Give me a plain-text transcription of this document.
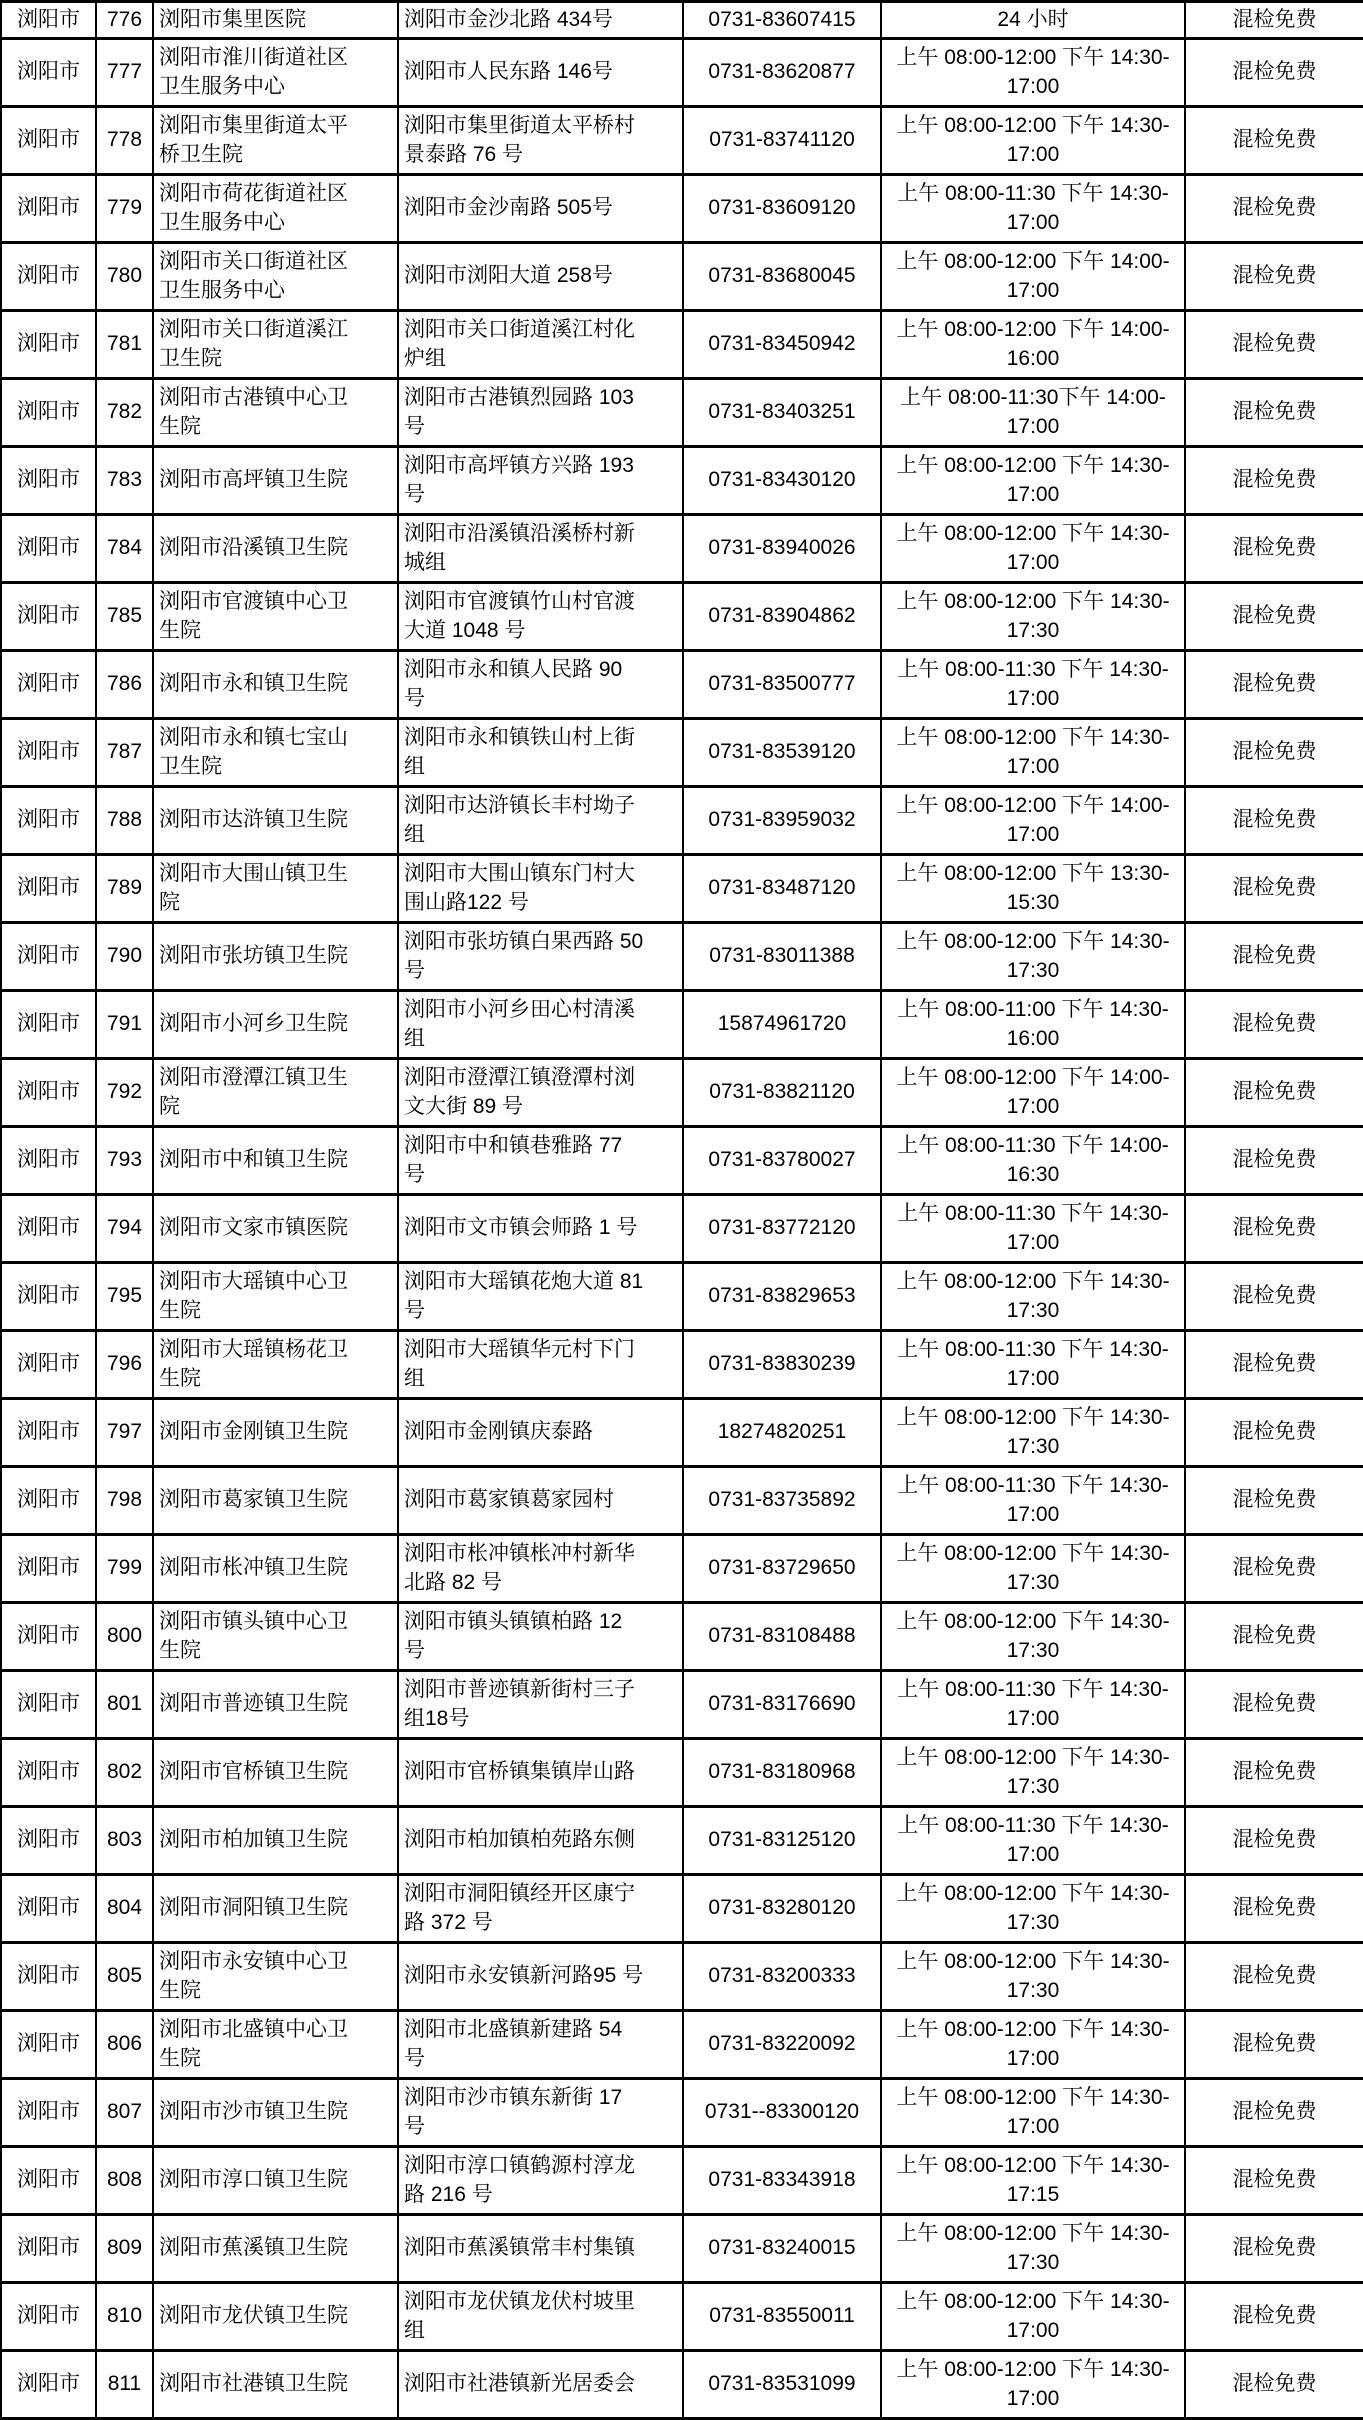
浏阳市	776	浏阳市集里医院	浏阳市金沙北路 434号	0731-83607415	24 小时	混检免费
浏阳市	777	浏阳市淮川街道社区卫生服务中心	浏阳市人民东路 146号	0731-83620877	上午 08:00-12:00 下午 14:30-17:00	混检免费
浏阳市	778	浏阳市集里街道太平桥卫生院	浏阳市集里街道太平桥村景泰路 76 号	0731-83741120	上午 08:00-12:00 下午 14:30-17:00	混检免费
浏阳市	779	浏阳市荷花街道社区卫生服务中心	浏阳市金沙南路 505号	0731-83609120	上午 08:00-11:30 下午 14:30-17:00	混检免费
浏阳市	780	浏阳市关口街道社区卫生服务中心	浏阳市浏阳大道 258号	0731-83680045	上午 08:00-12:00 下午 14:00-17:00	混检免费
浏阳市	781	浏阳市关口街道溪江卫生院	浏阳市关口街道溪江村化炉组	0731-83450942	上午 08:00-12:00 下午 14:00-16:00	混检免费
浏阳市	782	浏阳市古港镇中心卫生院	浏阳市古港镇烈园路 103 号	0731-83403251	上午 08:00-11:30下午 14:00-17:00	混检免费
浏阳市	783	浏阳市高坪镇卫生院	浏阳市高坪镇方兴路 193 号	0731-83430120	上午 08:00-12:00 下午 14:30-17:00	混检免费
浏阳市	784	浏阳市沿溪镇卫生院	浏阳市沿溪镇沿溪桥村新城组	0731-83940026	上午 08:00-12:00 下午 14:30-17:00	混检免费
浏阳市	785	浏阳市官渡镇中心卫生院	浏阳市官渡镇竹山村官渡大道 1048 号	0731-83904862	上午 08:00-12:00 下午 14:30-17:30	混检免费
浏阳市	786	浏阳市永和镇卫生院	浏阳市永和镇人民路 90 号	0731-83500777	上午 08:00-11:30 下午 14:30-17:00	混检免费
浏阳市	787	浏阳市永和镇七宝山卫生院	浏阳市永和镇铁山村上街组	0731-83539120	上午 08:00-12:00 下午 14:30-17:00	混检免费
浏阳市	788	浏阳市达浒镇卫生院	浏阳市达浒镇长丰村坳子组	0731-83959032	上午 08:00-12:00 下午 14:00-17:00	混检免费
浏阳市	789	浏阳市大围山镇卫生院	浏阳市大围山镇东门村大围山路122 号	0731-83487120	上午 08:00-12:00 下午 13:30-15:30	混检免费
浏阳市	790	浏阳市张坊镇卫生院	浏阳市张坊镇白果西路 50 号	0731-83011388	上午 08:00-12:00 下午 14:30-17:30	混检免费
浏阳市	791	浏阳市小河乡卫生院	浏阳市小河乡田心村清溪组	15874961720	上午 08:00-11:00 下午 14:30-16:00	混检免费
浏阳市	792	浏阳市澄潭江镇卫生院	浏阳市澄潭江镇澄潭村浏文大街 89 号	0731-83821120	上午 08:00-12:00 下午 14:00-17:00	混检免费
浏阳市	793	浏阳市中和镇卫生院	浏阳市中和镇巷雅路 77 号	0731-83780027	上午 08:00-11:30 下午 14:00-16:30	混检免费
浏阳市	794	浏阳市文家市镇医院	浏阳市文市镇会师路 1 号	0731-83772120	上午 08:00-11:30 下午 14:30-17:00	混检免费
浏阳市	795	浏阳市大瑶镇中心卫生院	浏阳市大瑶镇花炮大道 81 号	0731-83829653	上午 08:00-12:00 下午 14:30-17:30	混检免费
浏阳市	796	浏阳市大瑶镇杨花卫生院	浏阳市大瑶镇华元村下门组	0731-83830239	上午 08:00-11:30 下午 14:30-17:00	混检免费
浏阳市	797	浏阳市金刚镇卫生院	浏阳市金刚镇庆泰路	18274820251	上午 08:00-12:00 下午 14:30-17:30	混检免费
浏阳市	798	浏阳市葛家镇卫生院	浏阳市葛家镇葛家园村	0731-83735892	上午 08:00-11:30 下午 14:30-17:00	混检免费
浏阳市	799	浏阳市枨冲镇卫生院	浏阳市枨冲镇枨冲村新华北路 82 号	0731-83729650	上午 08:00-12:00 下午 14:30-17:30	混检免费
浏阳市	800	浏阳市镇头镇中心卫生院	浏阳市镇头镇镇柏路 12 号	0731-83108488	上午 08:00-12:00 下午 14:30-17:30	混检免费
浏阳市	801	浏阳市普迹镇卫生院	浏阳市普迹镇新街村三子组18号	0731-83176690	上午 08:00-11:30 下午 14:30-17:00	混检免费
浏阳市	802	浏阳市官桥镇卫生院	浏阳市官桥镇集镇岸山路	0731-83180968	上午 08:00-12:00 下午 14:30-17:30	混检免费
浏阳市	803	浏阳市柏加镇卫生院	浏阳市柏加镇柏苑路东侧	0731-83125120	上午 08:00-11:30 下午 14:30-17:00	混检免费
浏阳市	804	浏阳市洞阳镇卫生院	浏阳市洞阳镇经开区康宁路 372 号	0731-83280120	上午 08:00-12:00 下午 14:30-17:30	混检免费
浏阳市	805	浏阳市永安镇中心卫生院	浏阳市永安镇新河路95 号	0731-83200333	上午 08:00-12:00 下午 14:30-17:30	混检免费
浏阳市	806	浏阳市北盛镇中心卫生院	浏阳市北盛镇新建路 54 号	0731-83220092	上午 08:00-12:00 下午 14:30-17:00	混检免费
浏阳市	807	浏阳市沙市镇卫生院	浏阳市沙市镇东新街 17 号	0731--83300120	上午 08:00-12:00 下午 14:30-17:00	混检免费
浏阳市	808	浏阳市淳口镇卫生院	浏阳市淳口镇鹤源村淳龙路 216 号	0731-83343918	上午 08:00-12:00 下午 14:30-17:15	混检免费
浏阳市	809	浏阳市蕉溪镇卫生院	浏阳市蕉溪镇常丰村集镇	0731-83240015	上午 08:00-12:00 下午 14:30-17:30	混检免费
浏阳市	810	浏阳市龙伏镇卫生院	浏阳市龙伏镇龙伏村坡里组	0731-83550011	上午 08:00-12:00 下午 14:30-17:00	混检免费
浏阳市	811	浏阳市社港镇卫生院	浏阳市社港镇新光居委会	0731-83531099	上午 08:00-12:00 下午 14:30-17:00	混检免费
